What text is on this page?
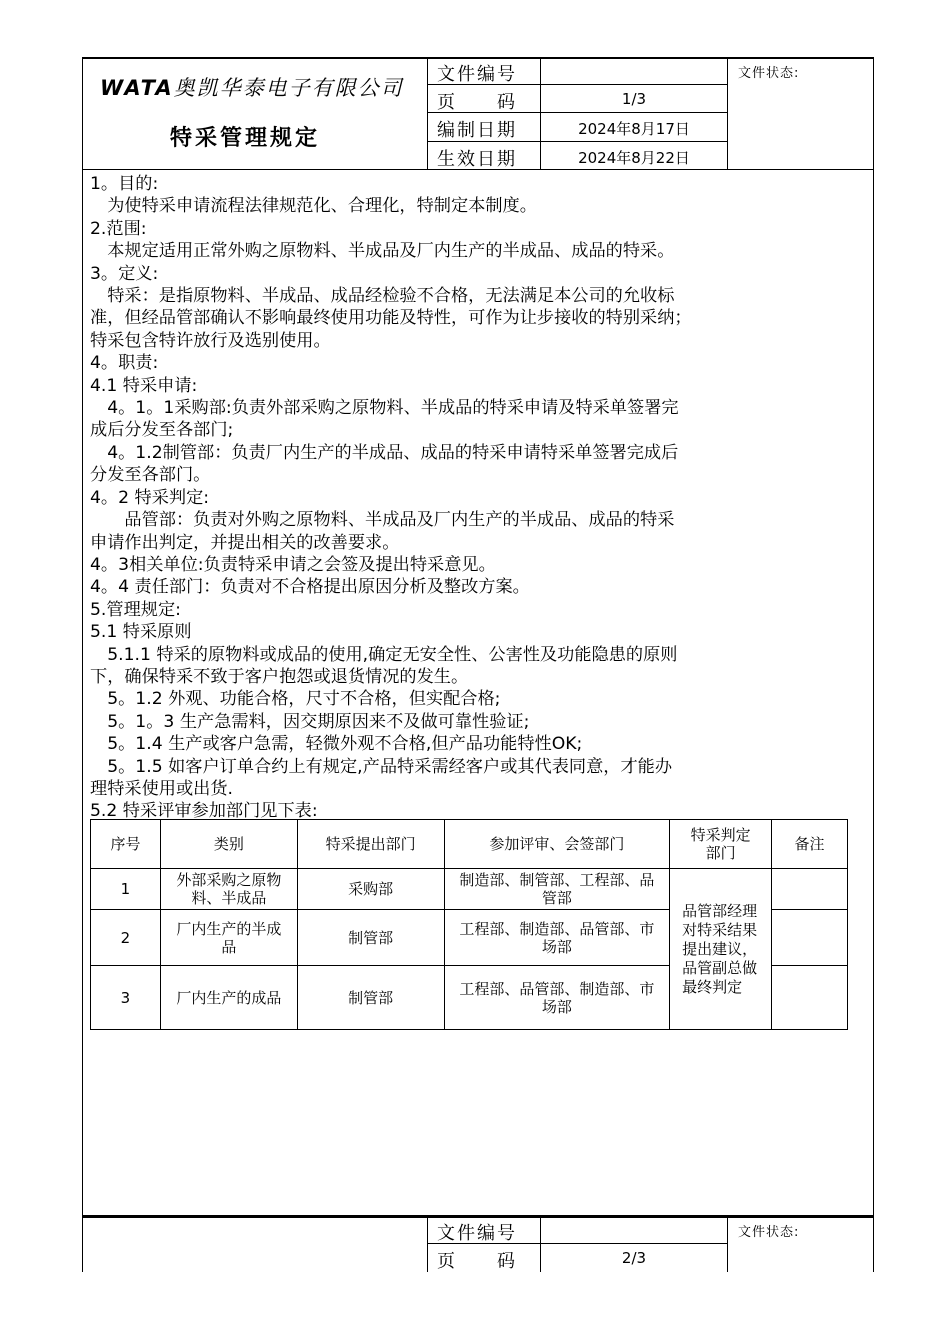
WATA奥凯华泰电子有限公司
特采管理规定
文件编号
页　　码	1/3
编制日期	2024年8月17日
生效日期	2024年8月22日
文件状态:

1。目的:

　为使特采申请流程法律规范化、合理化，特制定本制度。

2.范围:

　本规定适用正常外购之原物料、半成品及厂内生产的半成品、成品的特采。

3。定义:

　特采：是指原物料、半成品、成品经检验不合格，无法满足本公司的允收标

准，但经品管部确认不影响最终使用功能及特性，可作为让步接收的特别采纳；

特采包含特许放行及选别使用。

4。职责:

4.1 特采申请:

　4。1。1采购部:负责外部采购之原物料、半成品的特采申请及特采单签署完

成后分发至各部门;

　4。1.2制管部：负责厂内生产的半成品、成品的特采申请特采单签署完成后

分发至各部门。

4。2 特采判定:

　　品管部：负责对外购之原物料、半成品及厂内生产的半成品、成品的特采

申请作出判定，并提出相关的改善要求。

4。3相关单位:负责特采申请之会签及提出特采意见。

4。4 责任部门：负责对不合格提出原因分析及整改方案。

5.管理规定:

5.1 特采原则

　5.1.1 特采的原物料或成品的使用,确定无安全性、公害性及功能隐患的原则

下，确保特采不致于客户抱怨或退货情况的发生。

　5。1.2 外观、功能合格，尺寸不合格，但实配合格;

　5。1。3 生产急需料，因交期原因来不及做可靠性验证;

　5。1.4 生产或客户急需，轻微外观不合格,但产品功能特性OK;

　5。1.5 如客户订单合约上有规定,产品特采需经客户或其代表同意，才能办

理特采使用或出货.

5.2 特采评审参加部门见下表:

序号	类别	特采提出部门	参加评审、会签部门	特采判定部门	备注
1	外部采购之原物料、半成品	采购部	制造部、制管部、工程部、品管部	品管部经理对特采结果提出建议，品管副总做最终判定	
2	厂内生产的半成品	制管部	工程部、制造部、品管部、市场部		
3	厂内生产的成品	制管部	工程部、品管部、制造部、市场部		
文件编号
页　　码	2/3
文件状态:
